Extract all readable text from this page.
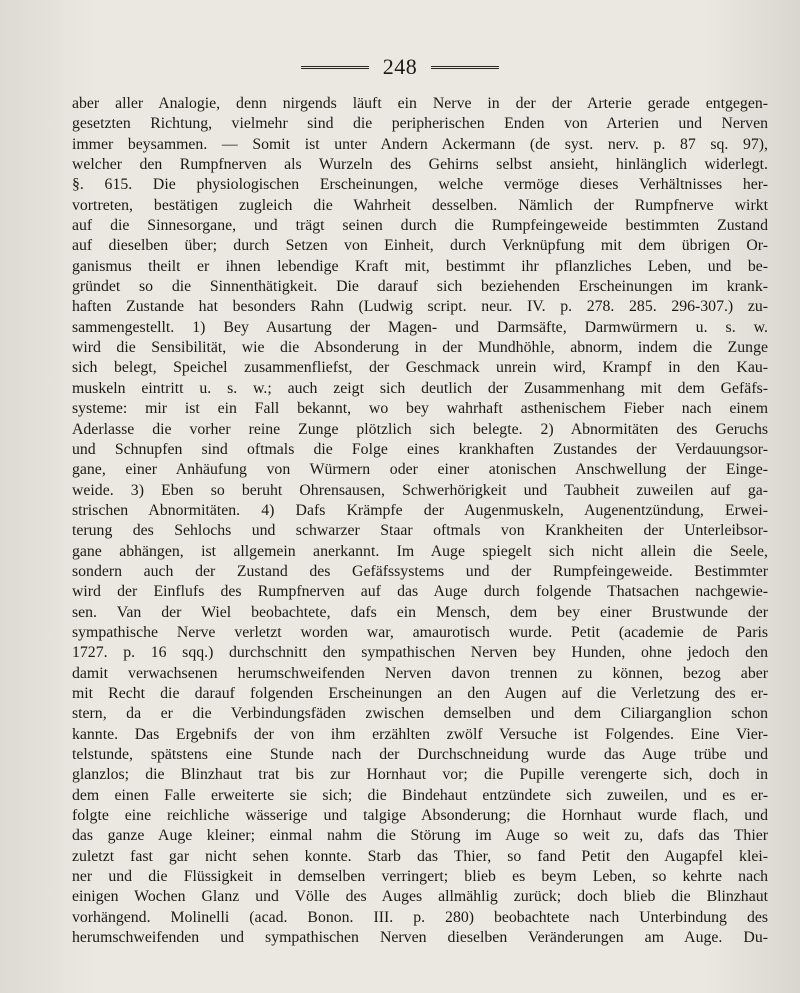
248
aber aller Analogie, denn nirgends läuft ein Nerve in der der Arterie gerade entgegen-
gesetzten Richtung, vielmehr sind die peripherischen Enden von Arterien und Nerven
immer beysammen. — Somit ist unter Andern Ackermann (de syst. nerv. p. 87 sq. 97),
welcher den Rumpfnerven als Wurzeln des Gehirns selbst ansieht, hinlänglich widerlegt.
§. 615. Die physiologischen Erscheinungen, welche vermöge dieses Verhältnisses her-
vortreten, bestätigen zugleich die Wahrheit desselben. Nämlich der Rumpfnerve wirkt
auf die Sinnesorgane, und trägt seinen durch die Rumpfeingeweide bestimmten Zustand
auf dieselben über; durch Setzen von Einheit, durch Verknüpfung mit dem übrigen Or-
ganismus theilt er ihnen lebendige Kraft mit, bestimmt ihr pflanzliches Leben, und be-
gründet so die Sinnenthätigkeit. Die darauf sich beziehenden Erscheinungen im krank-
haften Zustande hat besonders Rahn (Ludwig script. neur. IV. p. 278. 285. 296-307.) zu-
sammengestellt. 1) Bey Ausartung der Magen- und Darmsäfte, Darmwürmern u. s. w.
wird die Sensibilität, wie die Absonderung in der Mundhöhle, abnorm, indem die Zunge
sich belegt, Speichel zusammenfliefst, der Geschmack unrein wird, Krampf in den Kau-
muskeln eintritt u. s. w.; auch zeigt sich deutlich der Zusammenhang mit dem Gefäfs-
systeme: mir ist ein Fall bekannt, wo bey wahrhaft asthenischem Fieber nach einem
Aderlasse die vorher reine Zunge plötzlich sich belegte. 2) Abnormitäten des Geruchs
und Schnupfen sind oftmals die Folge eines krankhaften Zustandes der Verdauungsor-
gane, einer Anhäufung von Würmern oder einer atonischen Anschwellung der Einge-
weide. 3) Eben so beruht Ohrensausen, Schwerhörigkeit und Taubheit zuweilen auf ga-
strischen Abnormitäten. 4) Dafs Krämpfe der Augenmuskeln, Augenentzündung, Erwei-
terung des Sehlochs und schwarzer Staar oftmals von Krankheiten der Unterleibsor-
gane abhängen, ist allgemein anerkannt. Im Auge spiegelt sich nicht allein die Seele,
sondern auch der Zustand des Gefäfssystems und der Rumpfeingeweide. Bestimmter
wird der Einflufs des Rumpfnerven auf das Auge durch folgende Thatsachen nachgewie-
sen. Van der Wiel beobachtete, dafs ein Mensch, dem bey einer Brustwunde der
sympathische Nerve verletzt worden war, amaurotisch wurde. Petit (academie de Paris
1727. p. 16 sqq.) durchschnitt den sympathischen Nerven bey Hunden, ohne jedoch den
damit verwachsenen herumschweifenden Nerven davon trennen zu können, bezog aber
mit Recht die darauf folgenden Erscheinungen an den Augen auf die Verletzung des er-
stern, da er die Verbindungsfäden zwischen demselben und dem Ciliarganglion schon
kannte. Das Ergebnifs der von ihm erzählten zwölf Versuche ist Folgendes. Eine Vier-
telstunde, spätstens eine Stunde nach der Durchschneidung wurde das Auge trübe und
glanzlos; die Blinzhaut trat bis zur Hornhaut vor; die Pupille verengerte sich, doch in
dem einen Falle erweiterte sie sich; die Bindehaut entzündete sich zuweilen, und es er-
folgte eine reichliche wässerige und talgige Absonderung; die Hornhaut wurde flach, und
das ganze Auge kleiner; einmal nahm die Störung im Auge so weit zu, dafs das Thier
zuletzt fast gar nicht sehen konnte. Starb das Thier, so fand Petit den Augapfel klei-
ner und die Flüssigkeit in demselben verringert; blieb es beym Leben, so kehrte nach
einigen Wochen Glanz und Völle des Auges allmählig zurück; doch blieb die Blinzhaut
vorhängend. Molinelli (acad. Bonon. III. p. 280) beobachtete nach Unterbindung des
herumschweifenden und sympathischen Nerven dieselben Veränderungen am Auge. Du-
